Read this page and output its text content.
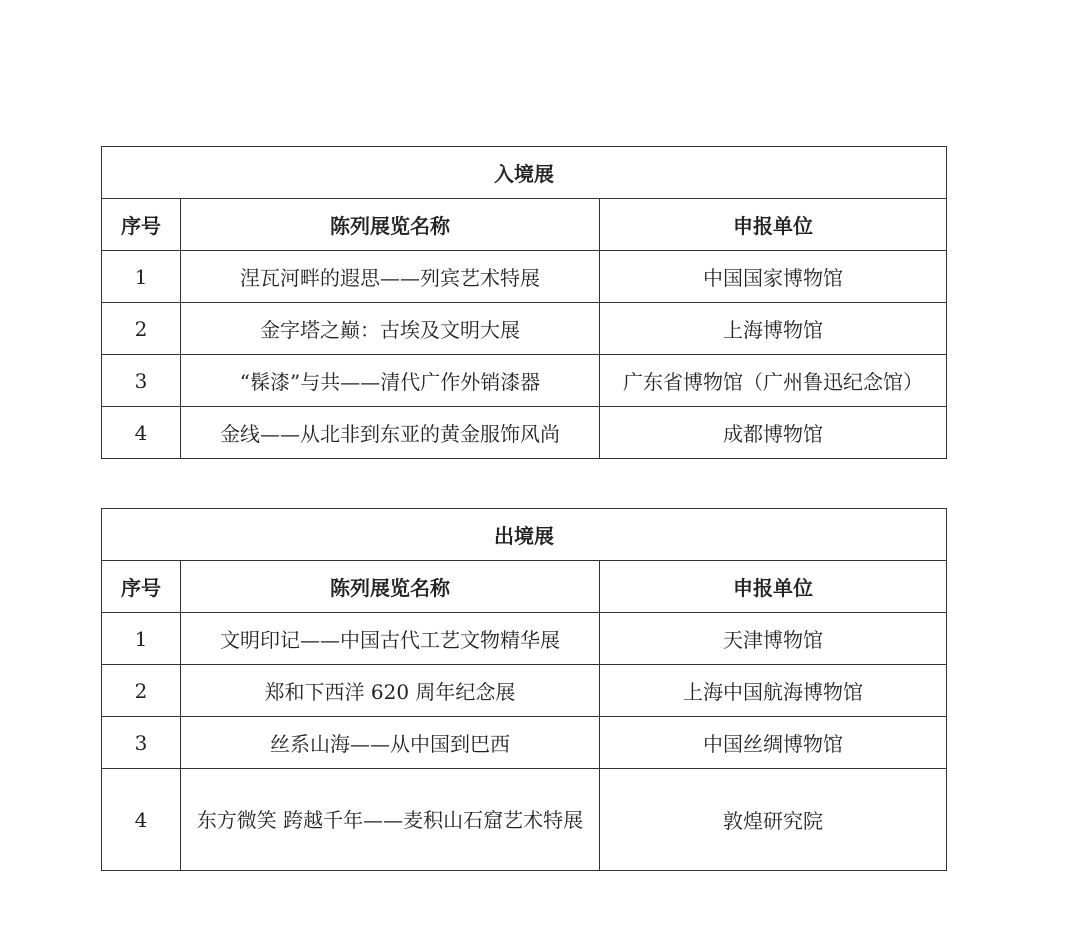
入境展		
序号	陈列展览名称	申报单位
1	涅瓦河畔的遐思——列宾艺术特展	中国国家博物馆
2	金字塔之巅：古埃及文明大展	上海博物馆
3	“髹漆”与共——清代广作外销漆器	广东省博物馆（广州鲁迅纪念馆）
4	金线——从北非到东亚的黄金服饰风尚	成都博物馆
出境展		
序号	陈列展览名称	申报单位
1	文明印记——中国古代工艺文物精华展	天津博物馆
2	郑和下西洋 620 周年纪念展	上海中国航海博物馆
3	丝系山海——从中国到巴西	中国丝绸博物馆
4	东方微笑 跨越千年——麦积山石窟艺术特展	敦煌研究院
